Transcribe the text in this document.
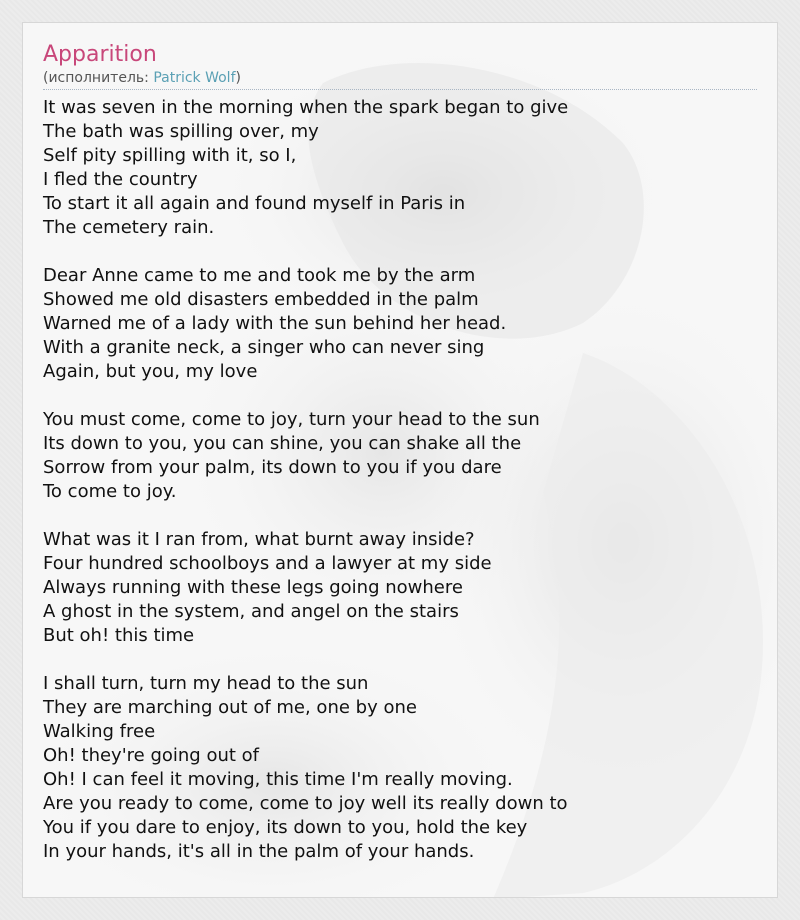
Apparition
(исполнитель: Patrick Wolf)
It was seven in the morning when the spark began to give
The bath was spilling over, my
Self pity spilling with it, so I,
I fled the country
To start it all again and found myself in Paris in
The cemetery rain.
Dear Anne came to me and took me by the arm
Showed me old disasters embedded in the palm
Warned me of a lady with the sun behind her head.
With a granite neck, a singer who can never sing
Again, but you, my love
You must come, come to joy, turn your head to the sun
Its down to you, you can shine, you can shake all the
Sorrow from your palm, its down to you if you dare
To come to joy.
What was it I ran from, what burnt away inside?
Four hundred schoolboys and a lawyer at my side
Always running with these legs going nowhere
A ghost in the system, and angel on the stairs
But oh! this time
I shall turn, turn my head to the sun
They are marching out of me, one by one
Walking free
Oh! they're going out of
Oh! I can feel it moving, this time I'm really moving.
Are you ready to come, come to joy well its really down to
You if you dare to enjoy, its down to you, hold the key
In your hands, it's all in the palm of your hands.
